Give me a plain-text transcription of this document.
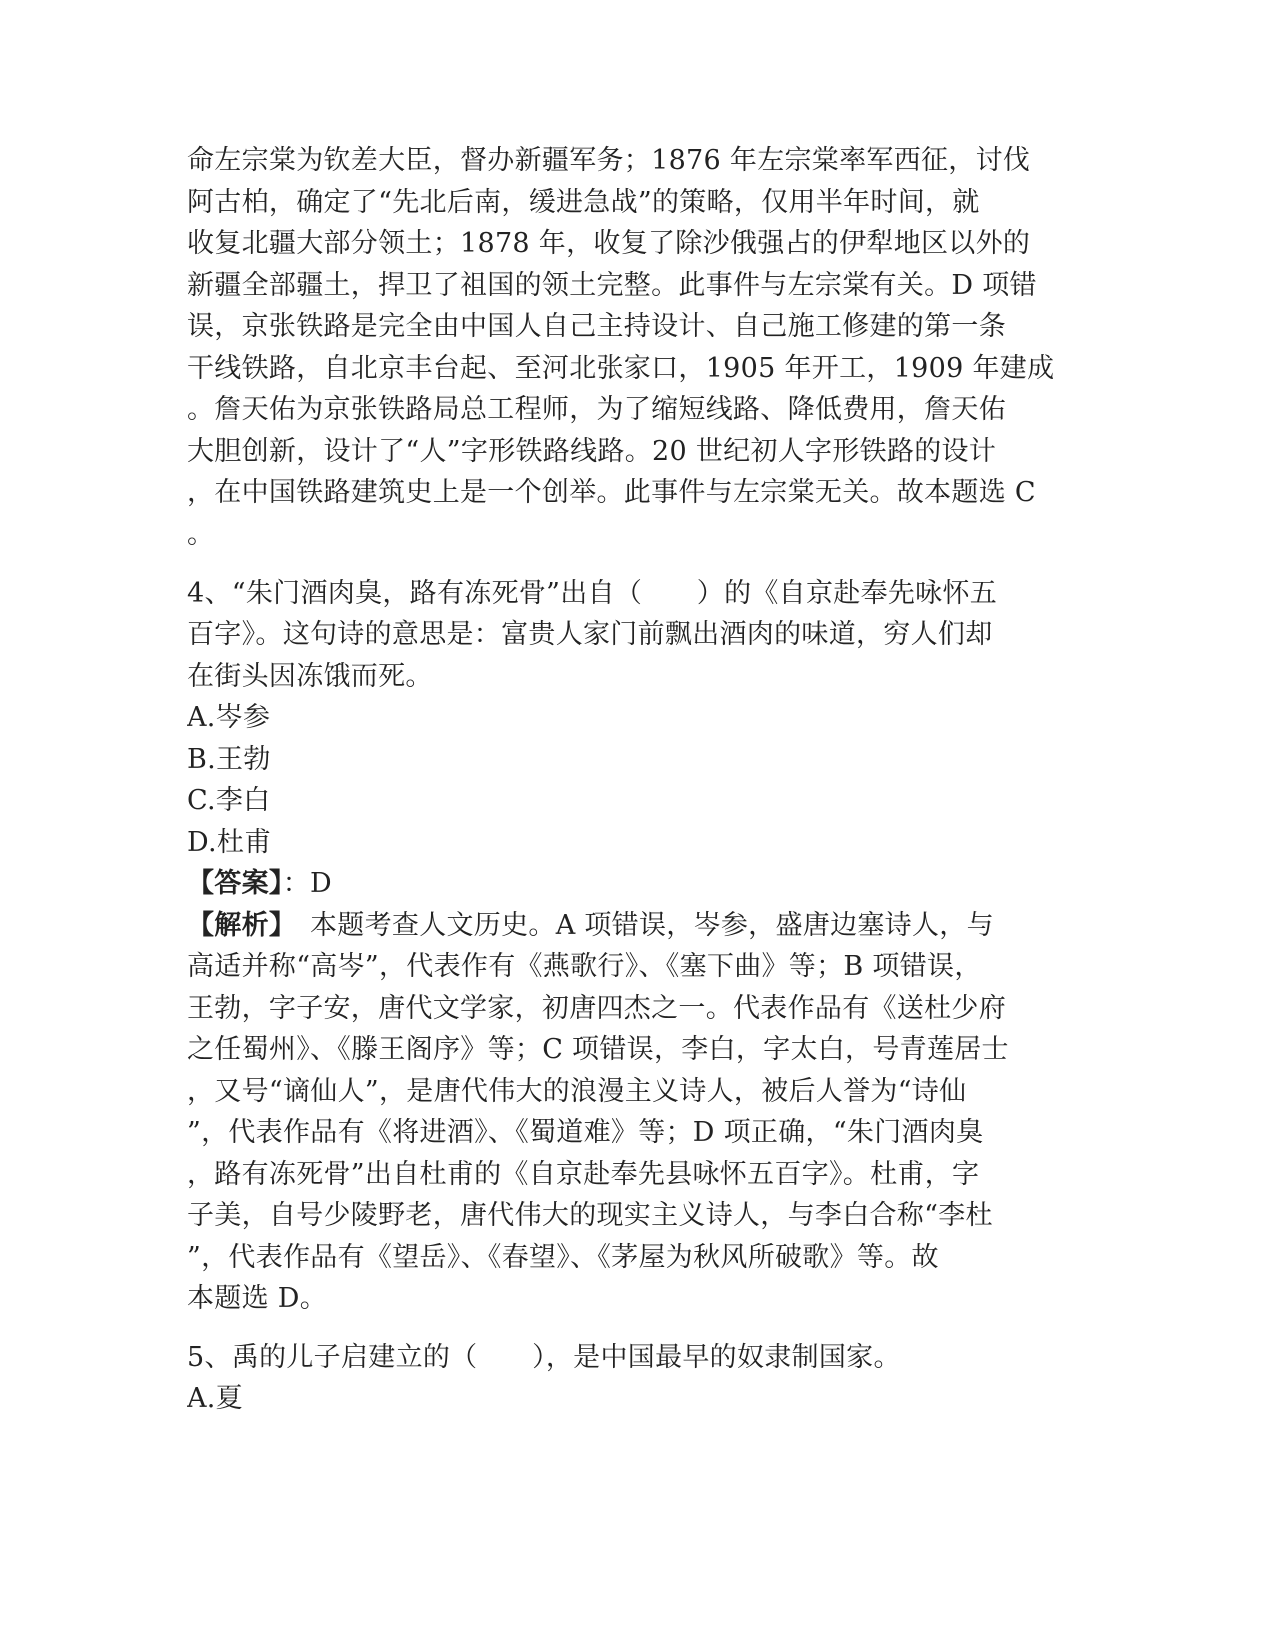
命左宗棠为钦差大臣，督办新疆军务；1876 年左宗棠率军西征，讨伐
阿古柏，确定了“先北后南，缓进急战”的策略，仅用半年时间，就
收复北疆大部分领土；1878 年，收复了除沙俄强占的伊犁地区以外的
新疆全部疆土，捍卫了祖国的领土完整。此事件与左宗棠有关。D 项错
误，京张铁路是完全由中国人自己主持设计、自己施工修建的第一条
干线铁路，自北京丰台起、至河北张家口，1905 年开工，1909 年建成
。詹天佑为京张铁路局总工程师，为了缩短线路、降低费用，詹天佑
大胆创新，设计了“人”字形铁路线路。20 世纪初人字形铁路的设计
，在中国铁路建筑史上是一个创举。此事件与左宗棠无关。故本题选 C
。
4、“朱门酒肉臭，路有冻死骨”出自（　　）的《自京赴奉先咏怀五
百字》。这句诗的意思是：富贵人家门前飘出酒肉的味道，穷人们却
在街头因冻饿而死。
A.岑参
B.王勃
C.李白
D.杜甫
【答案】：D
【解析】　本题考查人文历史。A 项错误，岑参，盛唐边塞诗人，与
高适并称“高岑”，代表作有《燕歌行》、《塞下曲》等；B 项错误，
王勃，字子安，唐代文学家，初唐四杰之一。代表作品有《送杜少府
之任蜀州》、《滕王阁序》等；C 项错误，李白，字太白，号青莲居士
，又号“谪仙人”，是唐代伟大的浪漫主义诗人，被后人誉为“诗仙
”，代表作品有《将进酒》、《蜀道难》等；D 项正确，“朱门酒肉臭
，路有冻死骨”出自杜甫的《自京赴奉先县咏怀五百字》。杜甫，字
子美，自号少陵野老，唐代伟大的现实主义诗人，与李白合称“李杜
”，代表作品有《望岳》、《春望》、《茅屋为秋风所破歌》等。故
本题选 D。
5、禹的儿子启建立的（　　），是中国最早的奴隶制国家。
A.夏
